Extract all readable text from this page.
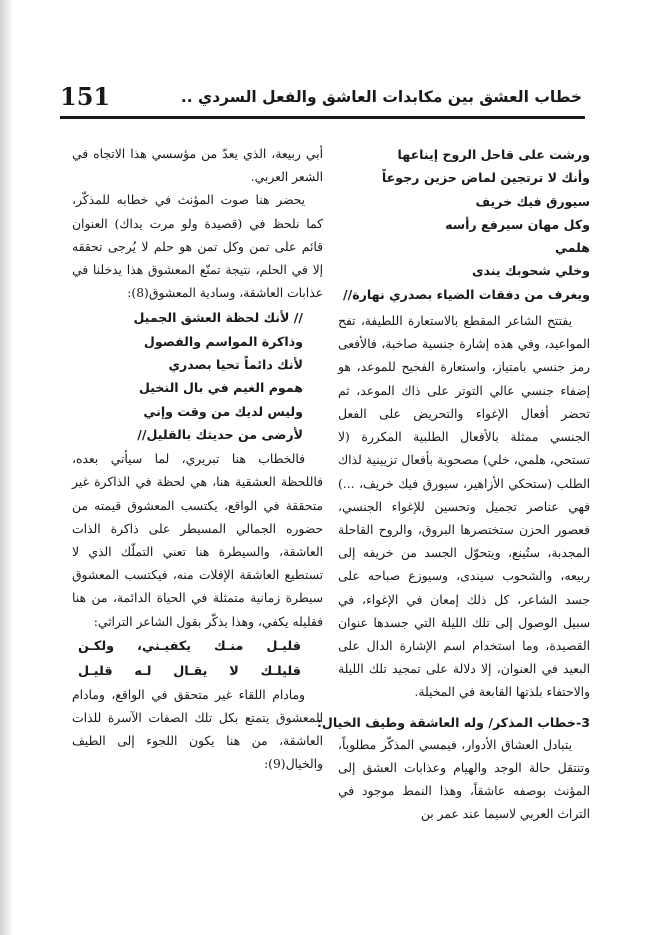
خطاب العشق بين مكابدات العاشق والفعل السردي ..
151
ورشت على قاحل الروح إيناعها
وأنك لا ترتجين لماض حزين رجوعاً
سيورق فيك خريف
وكل مهان سيرفع رأسه
هلمي
وخلي شحوبك يندى
ويغرف من دفقات الضياء بصدري نهارة//

يفتتح الشاعر المقطع بالاستعارة اللطيفة، تفح المواعيد، وفي هذه إشارة جنسية صاخبة، فالأفعى رمز جنسي بامتياز، واستعارة الفحيح للموعد، هو إضفاء جنسي عالي التوتر على ذاك الموعد، ثم تحضر أفعال الإغواء والتحريض على الفعل الجنسي ممثلة بالأفعال الطلبية المكررة (لا تستحي، هلمي، خلي) مصحوبة بأفعال تزيينية لذاك الطلب (ستحكي الأزاهير، سيورق فيك خريف، ...) فهي عناصر تجميل وتحسين للإغواء الجنسي، فعصور الحزن ستختصرها البروق، والروح القاحلة المجدبة، ستُينع، ويتحوّل الجسد من خريفه إلى ربيعه، والشحوب سيندى، وسيوزع صباحه على جسد الشاعر، كل ذلك إمعان في الإغواء، في سبيل الوصول إلى تلك الليلة التي جسدها عنوان القصيدة، وما استخدام اسم الإشارة الدال على البعيد في العنوان، إلا دلالة على تمجيد تلك الليلة والاحتفاء بلذتها القابعة في المخيلة.

3-خطاب المذكر/ وله العاشقة وطيف الخيال:

يتبادل العشاق الأدوار، فيمسي المذكّر مطلوباً، وتنتقل حالة الوجد والهيام وعذابات العشق إلى المؤنث بوصفه عاشقاً، وهذا النمط موجود في التراث العربي لاسيما عند عمر بن

أبي ربيعة، الذي يعدّ من مؤسسي هذا الاتجاه في الشعر العربي.

يحضر هنا صوت المؤنث في خطابه للمذكّر، كما نلحظ في (قصيدة ولو مرت يداك) العنوان قائم على تمن وكل تمن هو حلم لا يُرجى تحققه إلا في الحلم، نتيجة تمنّع المعشوق هذا يدخلنا في عذابات العاشقة، وسادية المعشوق(8):

// لأنك لحظة العشق الجميل
وذاكرة المواسم والفصول
لأنك دائماً تحيا بصدري
هموم الغيم في بال النخيل
وليس لديك من وقت وإني
لأرضى من حديثك بالقليل//

فالخطاب هنا تبريري، لما سيأتي بعده، فاللحظة العشقية هنا، هي لحظة في الذاكرة غير متحققة في الواقع، يكتسب المعشوق قيمته من حضوره الجمالي المسيطر على ذاكرة الذات العاشقة، والسيطرة هنا تعني التملّك الذي لا تستطيع العاشقة الإفلات منه، فيكتسب المعشوق سيطرة زمانية متمثلة في الحياة الدائمة، من هنا فقليله يكفي، وهذا يذكّر بقول الشاعر التراثي:

قليـل منـك يكفيـني، ولكـن
قليلـك لا يقـال لـه قليـل

ومادام اللقاء غير متحقق في الواقع، ومادام المعشوق يتمتع بكل تلك الصفات الآسرة للذات العاشقة، من هنا يكون اللجوء إلى الطيف والخيال(9):
